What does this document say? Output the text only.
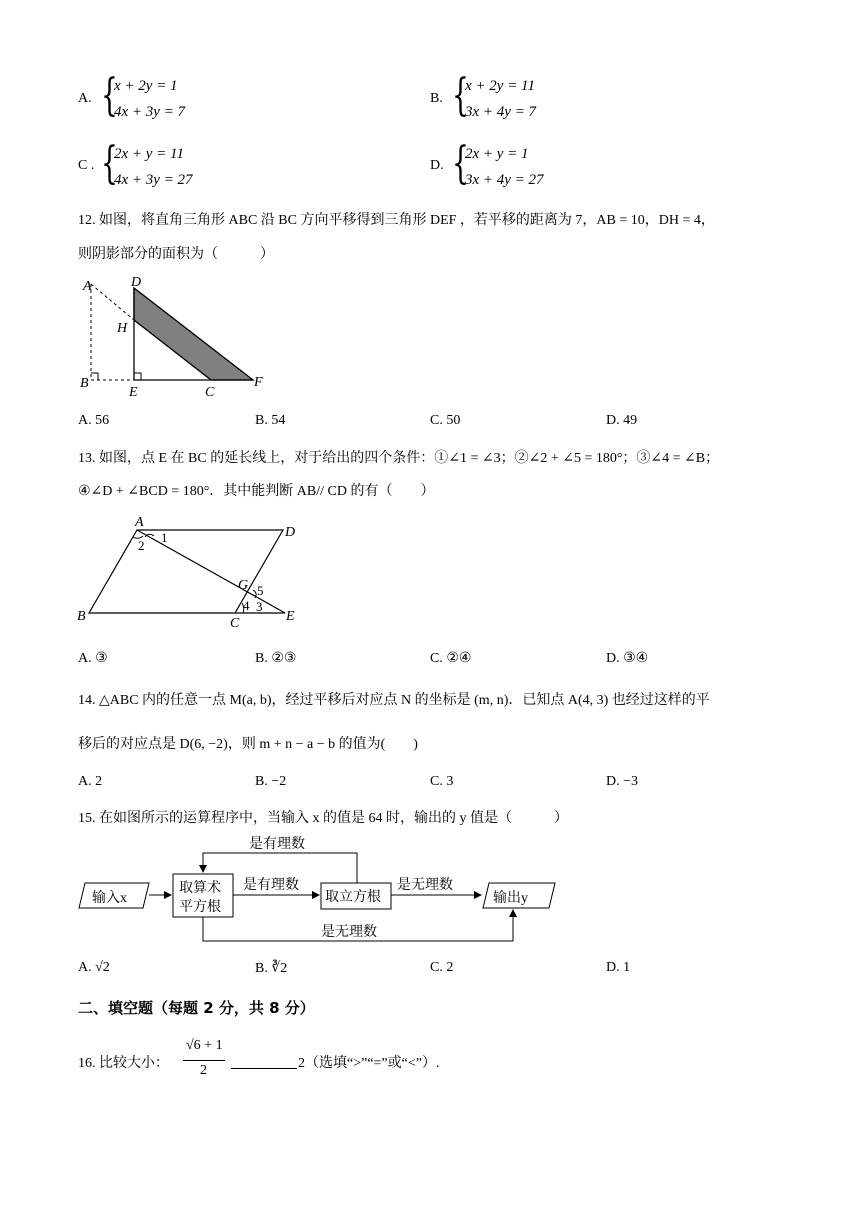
A. {
x + 2y = 1
4x + 3y = 7
B. {
x + 2y = 11
3x + 4y = 7
C . {
2x + y = 11
4x + 3y = 27
D. {
2x + y = 1
3x + 4y = 27
12. 如图，将直角三角形 ABC 沿 BC 方向平移得到三角形 DEF ，若平移的距离为 7，AB = 10，DH = 4，
则阴影部分的面积为（　　　）
A	D
H
B
E	C
F
A. 56	B. 54	C. 50	D. 49
13. 如图，点 E 在 BC 的延长线上，对于给出的四个条件：①∠1 = ∠3；②∠2 + ∠5 = 180°；③∠4 = ∠B；
④∠D + ∠BCD = 180°．其中能判断 AB// CD 的有（　　）
A
D
B	C	E
G
1
2
5
4 3
A. ③	B. ②③	C. ②④	D. ③④
14. △ABC 内的任意一点 M(a, b)，经过平移后对应点 N 的坐标是 (m, n)．已知点 A(4, 3) 也经过这样的平
移后的对应点是 D(6, −2)，则 m + n − a − b 的值为(　　)
A. 2	B. −2	C. 3	D. −3
15. 在如图所示的运算程序中，当输入 x 的值是 64 时，输出的 y 值是（　　　）
输入x
取算术
平方根
是有理数
取立方根
是有理数
是无理数
输出y
是无理数
A. √2	B. ∛2	C. 2	D. 1
二、填空题（每题 2 分，共 8 分）
16. 比较大小：
√6 + 1
2	2（选填“>”“=”或“<”）.
